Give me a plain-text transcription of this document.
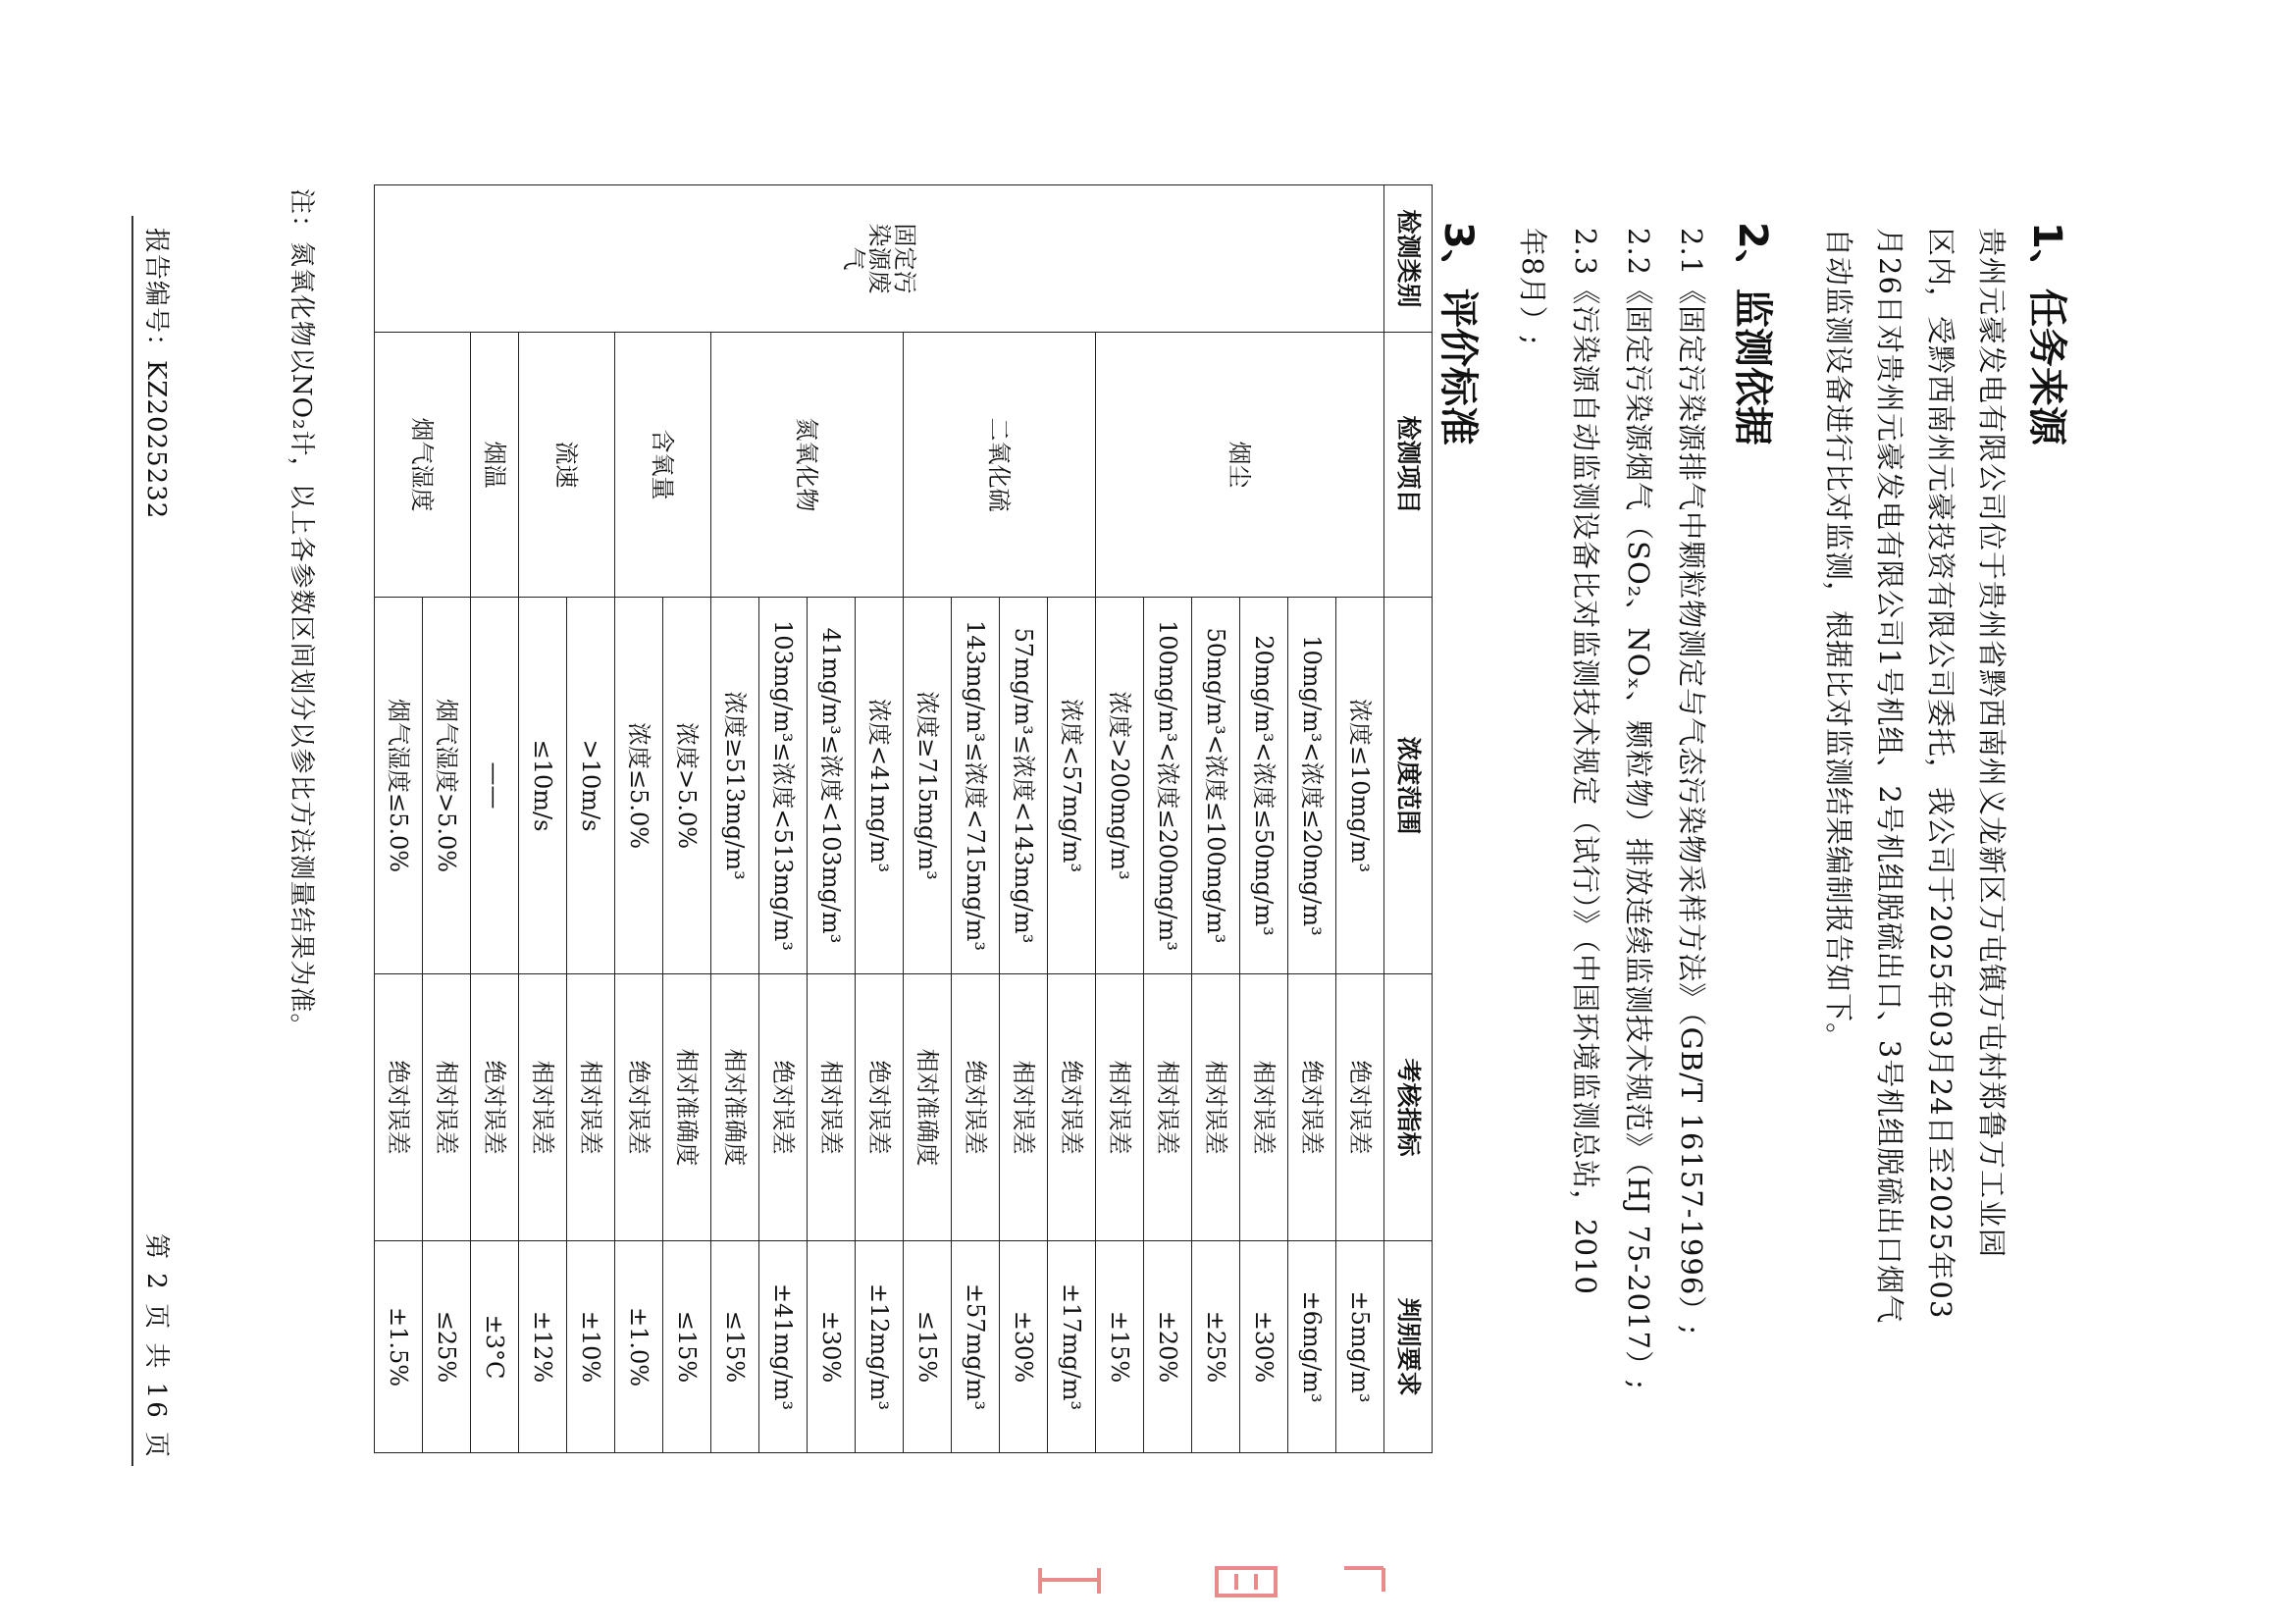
报告编号：KZ2025232
第 2 页 共 16 页
1、任务来源
贵州元豪发电有限公司位于贵州省黔西南州义龙新区万屯镇万屯村郑鲁万工业园
区内，受黔西南州元豪投资有限公司委托，我公司于2025年03月24日至2025年03
月26日对贵州元豪发电有限公司1号机组、2号机组脱硫出口、3号机组脱硫出口烟气
自动监测设备进行比对监测，根据比对监测结果编制报告如下。
2、监测依据
2.1《固定污染源排气中颗粒物测定与气态污染物采样方法》（GB/T 16157-1996）;
2.2《固定污染源烟气（SO₂、NOₓ、颗粒物）排放连续监测技术规范》（HJ 75-2017）;
2.3《污染源自动监测设备比对监测技术规定（试行）》（中国环境监测总站，2010
年8月）;
3、评价标准
检测类别	检测项目	浓度范围	考核指标	判别要求
固定污染源废气	烟尘	浓度≤10mg/m³	绝对误差	±5mg/m³
		10mg/m³<浓度≤20mg/m³	绝对误差	±6mg/m³
		20mg/m³<浓度≤50mg/m³	相对误差	±30%
		50mg/m³<浓度≤100mg/m³	相对误差	±25%
		100mg/m³<浓度≤200mg/m³	相对误差	±20%
		浓度>200mg/m³	相对误差	±15%
	二氧化硫	浓度<57mg/m³	绝对误差	±17mg/m³
		57mg/m³≤浓度<143mg/m³	相对误差	±30%
		143mg/m³≤浓度<715mg/m³	绝对误差	±57mg/m³
		浓度≥715mg/m³	相对准确度	≤15%
	氮氧化物	浓度<41mg/m³	绝对误差	±12mg/m³
		41mg/m³≤浓度<103mg/m³	相对误差	±30%
		103mg/m³≤浓度<513mg/m³	绝对误差	±41mg/m³
		浓度≥513mg/m³	相对准确度	≤15%
	含氧量	浓度>5.0%	相对准确度	≤15%
		浓度≤5.0%	绝对误差	±1.0%
	流速	>10m/s	相对误差	±10%
		≤10m/s	相对误差	±12%
	烟温	——	绝对误差	±3°C
	烟气湿度	烟气湿度>5.0%	相对误差	≤25%
		烟气湿度≤5.0%	绝对误差	±1.5%
注：氮氧化物以NO₂计，以上各参数区间划分以参比方法测量结果为准。
